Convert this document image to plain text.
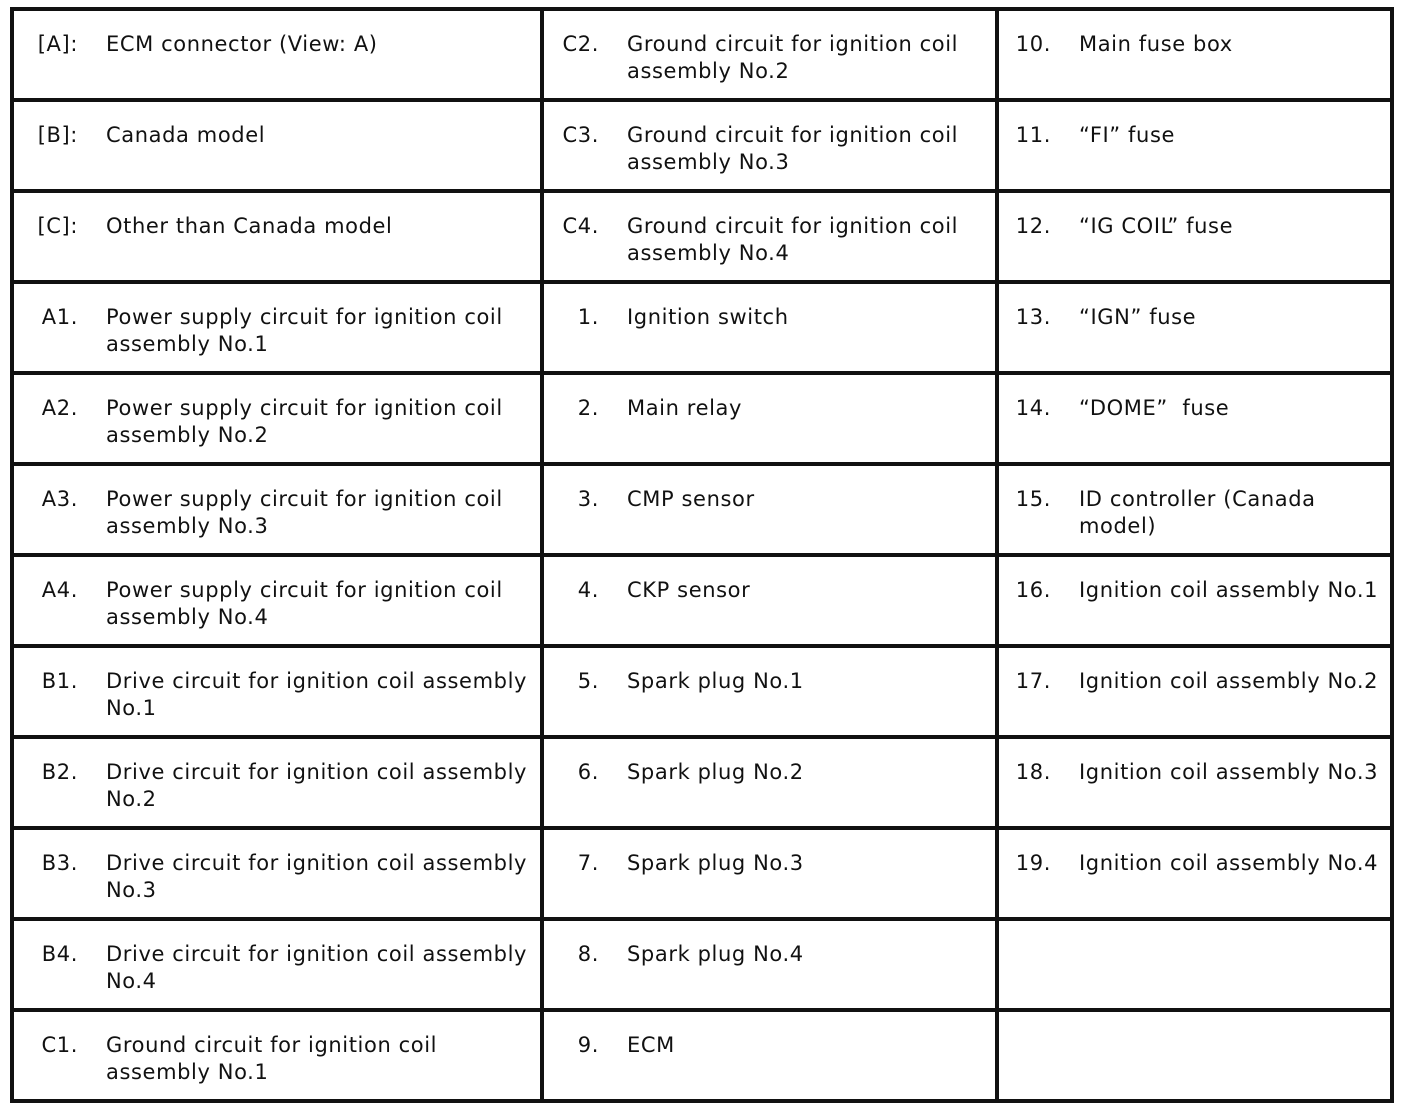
[A]: ECM connector (View: A)	C2. Ground circuit for ignition coil assembly No.2	10. Main fuse box

[B]: Canada model	C3. Ground circuit for ignition coil assembly No.3	11. “FI” fuse

[C]: Other than Canada model	C4. Ground circuit for ignition coil assembly No.4	12. “IG COIL” fuse

A1. Power supply circuit for ignition coil assembly No.1	1. Ignition switch	13. “IGN” fuse

A2. Power supply circuit for ignition coil assembly No.2	2. Main relay	14. “DOME”  fuse

A3. Power supply circuit for ignition coil assembly No.3	3. CMP sensor	15. ID controller (Canada model)

A4. Power supply circuit for ignition coil assembly No.4	4. CKP sensor	16. Ignition coil assembly No.1

B1. Drive circuit for ignition coil assembly No.1	5. Spark plug No.1	17. Ignition coil assembly No.2

B2. Drive circuit for ignition coil assembly No.2	6. Spark plug No.2	18. Ignition coil assembly No.3

B3. Drive circuit for ignition coil assembly No.3	7. Spark plug No.3	19. Ignition coil assembly No.4

B4. Drive circuit for ignition coil assembly No.4	8. Spark plug No.4	

C1. Ground circuit for ignition coil assembly No.1	9. ECM	
